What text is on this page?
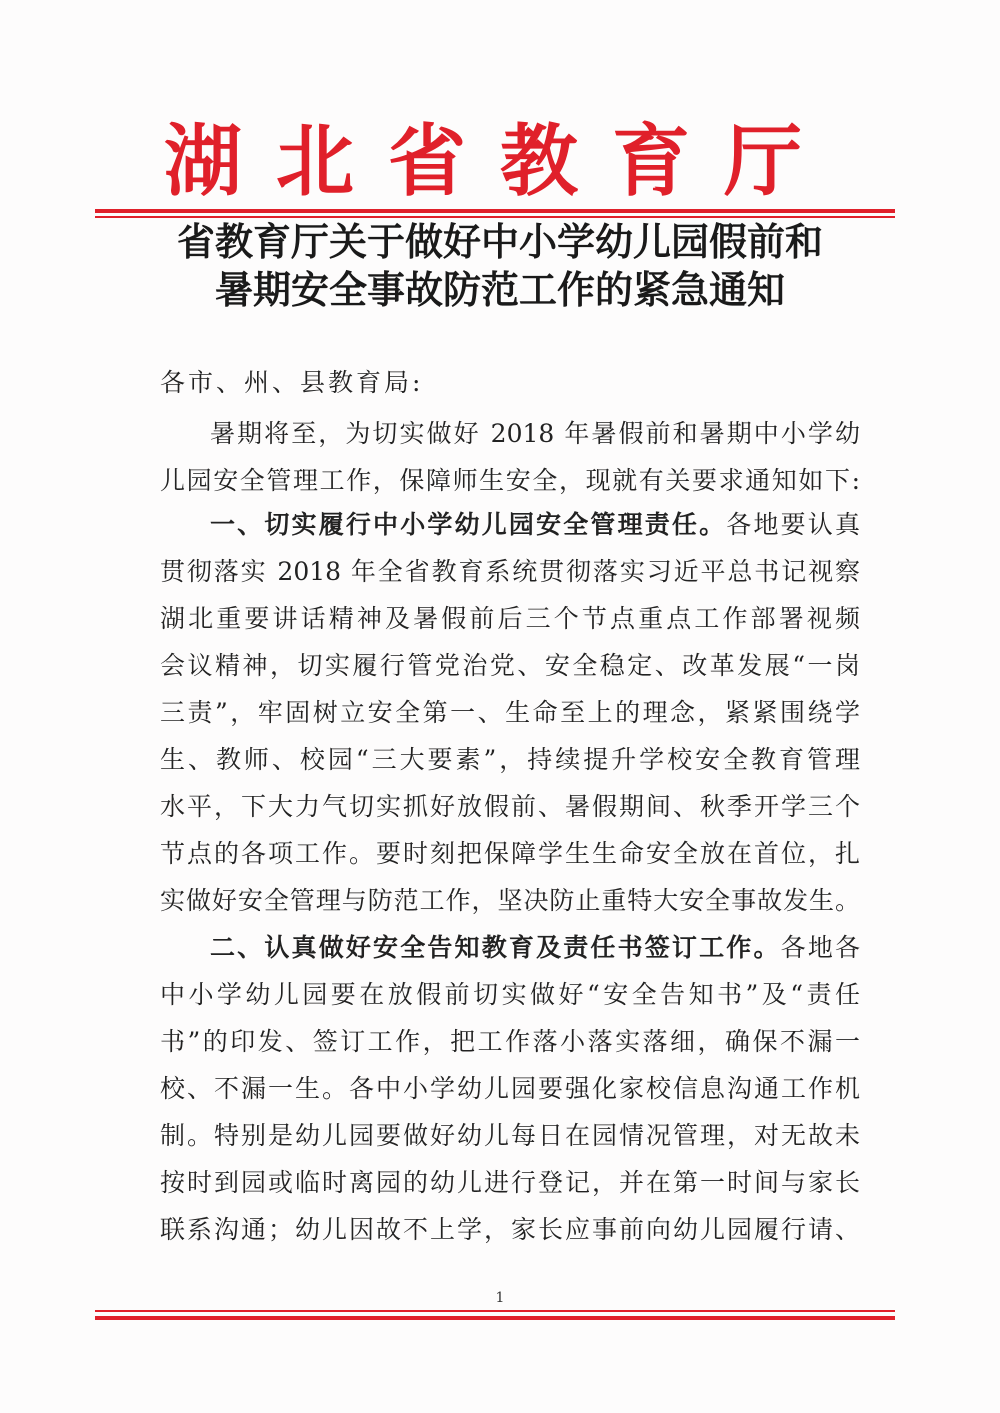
湖北省教育厅
省教育厅关于做好中小学幼儿园假前和
暑期安全事故防范工作的紧急通知
各市、州、县教育局:
暑期将至，为切实做好 2018 年暑假前和暑期中小学幼
儿园安全管理工作，保障师生安全，现就有关要求通知如下:
一、切实履行中小学幼儿园安全管理责任。各地要认真
贯彻落实 2018 年全省教育系统贯彻落实习近平总书记视察
湖北重要讲话精神及暑假前后三个节点重点工作部署视频
会议精神，切实履行管党治党、安全稳定、改革发展“一岗
三责”，牢固树立安全第一、生命至上的理念，紧紧围绕学
生、教师、校园“三大要素”，持续提升学校安全教育管理
水平，下大力气切实抓好放假前、暑假期间、秋季开学三个
节点的各项工作。要时刻把保障学生生命安全放在首位，扎
实做好安全管理与防范工作，坚决防止重特大安全事故发生。
二、认真做好安全告知教育及责任书签订工作。各地各
中小学幼儿园要在放假前切实做好“安全告知书”及“责任
书”的印发、签订工作，把工作落小落实落细，确保不漏一
校、不漏一生。各中小学幼儿园要强化家校信息沟通工作机
制。特别是幼儿园要做好幼儿每日在园情况管理，对无故未
按时到园或临时离园的幼儿进行登记，并在第一时间与家长
联系沟通；幼儿因故不上学，家长应事前向幼儿园履行请、
1
